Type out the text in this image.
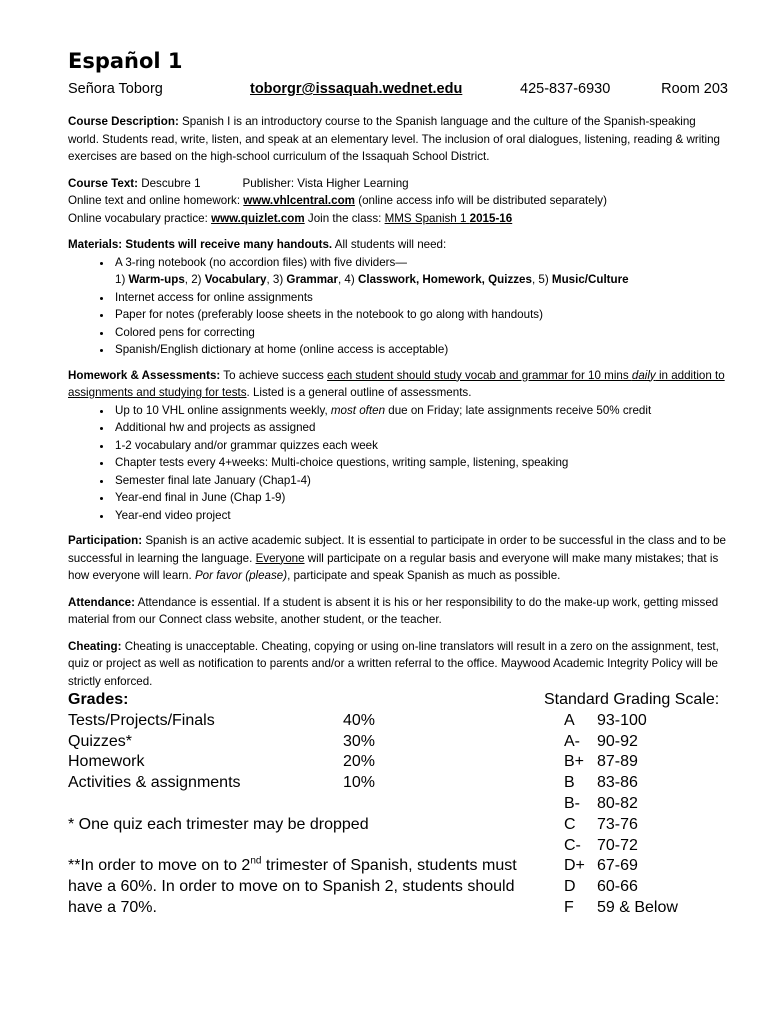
Español 1
Señora Toborg	toborgr@issaquah.wednet.edu	425-837-6930	Room 203

Course Description: Spanish I is an introductory course to the Spanish language and the culture of the Spanish-speaking world. Students read, write, listen, and speak at an elementary level. The inclusion of oral dialogues, listening, reading & writing exercises are based on the high-school curriculum of the Issaquah School District.

Course Text: Descubre 1	Publisher: Vista Higher Learning
Online text and online homework: www.vhlcentral.com (online access info will be distributed separately)
Online vocabulary practice: www.quizlet.com Join the class: MMS Spanish 1 2015-16

Materials: Students will receive many handouts. All students will need:

• A 3-ring notebook (no accordion files) with five dividers—
1) Warm-ups, 2) Vocabulary, 3) Grammar, 4) Classwork, Homework, Quizzes, 5) Music/Culture
• Internet access for online assignments
• Paper for notes (preferably loose sheets in the notebook to go along with handouts)
• Colored pens for correcting
• Spanish/English dictionary at home (online access is acceptable)

Homework & Assessments: To achieve success each student should study vocab and grammar for 10 mins daily in addition to assignments and studying for tests. Listed is a general outline of assessments.

• Up to 10 VHL online assignments weekly, most often due on Friday; late assignments receive 50% credit
• Additional hw and projects as assigned
• 1-2 vocabulary and/or grammar quizzes each week
• Chapter tests every 4+weeks: Multi-choice questions, writing sample, listening, speaking
• Semester final late January (Chap1-4)
• Year-end final in June (Chap 1-9)
• Year-end video project

Participation: Spanish is an active academic subject. It is essential to participate in order to be successful in the class and to be successful in learning the language. Everyone will participate on a regular basis and everyone will make many mistakes; that is how everyone will learn. Por favor (please), participate and speak Spanish as much as possible.

Attendance: Attendance is essential. If a student is absent it is his or her responsibility to do the make-up work, getting missed material from our Connect class website, another student, or the teacher.

Cheating: Cheating is unacceptable. Cheating, copying or using on-line translators will result in a zero on the assignment, test, quiz or project as well as notification to parents and/or a written referral to the office. Maywood Academic Integrity Policy will be strictly enforced.

Grades:
Tests/Projects/Finals	40%
Quizzes*	30%
Homework	20%
Activities & assignments	10%
* One quiz each trimester may be dropped
**In order to move on to 2nd trimester of Spanish, students must have a 60%. In order to move on to Spanish 2, students should have a 70%.
Standard Grading Scale:
A	93-100
A-	90-92
B+ 87-89
B	83-86
B-	80-82
C	73-76
C-	70-72
D+ 67-69
D	60-66
F	59 & Below
